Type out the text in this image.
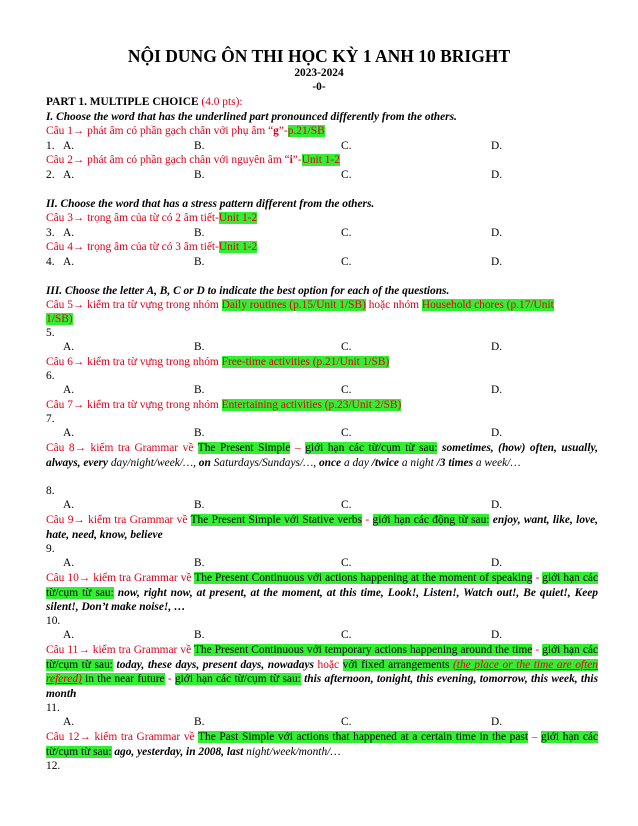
NỘI DUNG ÔN THI HỌC KỲ 1 ANH 10 BRIGHT
2023-2024
-0-
PART 1. MULTIPLE CHOICE (4.0 pts):
I. Choose the word that has the underlined part pronounced differently from the others.
Câu 1→ phát âm có phần gạch chân với phụ âm “g”-p.21/SB
1. A.	B.	C.	D.
Câu 2→ phát âm có phần gạch chân với nguyên âm “i”-Unit 1-2
2. A.	B.	C.	D.
II. Choose the word that has a stress pattern different from the others.
Câu 3→ trọng âm của từ có 2 âm tiết-Unit 1-2
3. A.	B.	C.	D.
Câu 4→ trọng âm của từ có 3 âm tiết-Unit 1-2
4. A.	B.	C.	D.
III. Choose the letter A, B, C or D to indicate the best option for each of the questions.
Câu 5→ kiểm tra từ vựng trong nhóm Daily routines (p.15/Unit 1/SB) hoặc nhóm Household chores (p.17/Unit
1/SB)
5.
A.	B.	C.	D.
Câu 6→ kiểm tra từ vựng trong nhóm Free-time activities (p.21/Unit 1/SB)
6.
A.	B.	C.	D.
Câu 7→ kiểm tra từ vựng trong nhóm Entertaining activities (p.23/Unit 2/SB)
7.
A.	B.	C.	D.
Câu 8→ kiểm tra Grammar về The Present Simple – giới hạn các từ/cụm từ sau: sometimes, (how) often, usually, always, every day/night/week/…, on Saturdays/Sundays/…, once a day /twice a night /3 times a week/…
8.
A.	B.	C.	D.
Câu 9→ kiểm tra Grammar về The Present Simple với Stative verbs - giới hạn các động từ sau: enjoy, want, like, love, hate, need, know, believe
9.
A.	B.	C.	D.
Câu 10→ kiểm tra Grammar về The Present Continuous với actions happening at the moment of speaking - giới hạn các từ/cụm từ sau: now, right now, at present, at the moment, at this time, Look!, Listen!, Watch out!, Be quiet!, Keep silent!, Don’t make noise!, …
10.
A.	B.	C.	D.
Câu 11→ kiểm tra Grammar về The Present Continuous với temporary actions happening around the time - giới hạn các từ/cụm từ sau: today, these days, present days, nowadays hoặc với fixed arrangements (the place or the time are often refered) in the near future - giới hạn các từ/cụm từ sau: this afternoon, tonight, this evening, tomorrow, this week, this month
11.
A.	B.	C.	D.
Câu 12→ kiểm tra Grammar về The Past Simple với actions that happened at a certain time in the past – giới hạn các từ/cụm từ sau: ago, yesterday, in 2008, last night/week/month/…
12.
